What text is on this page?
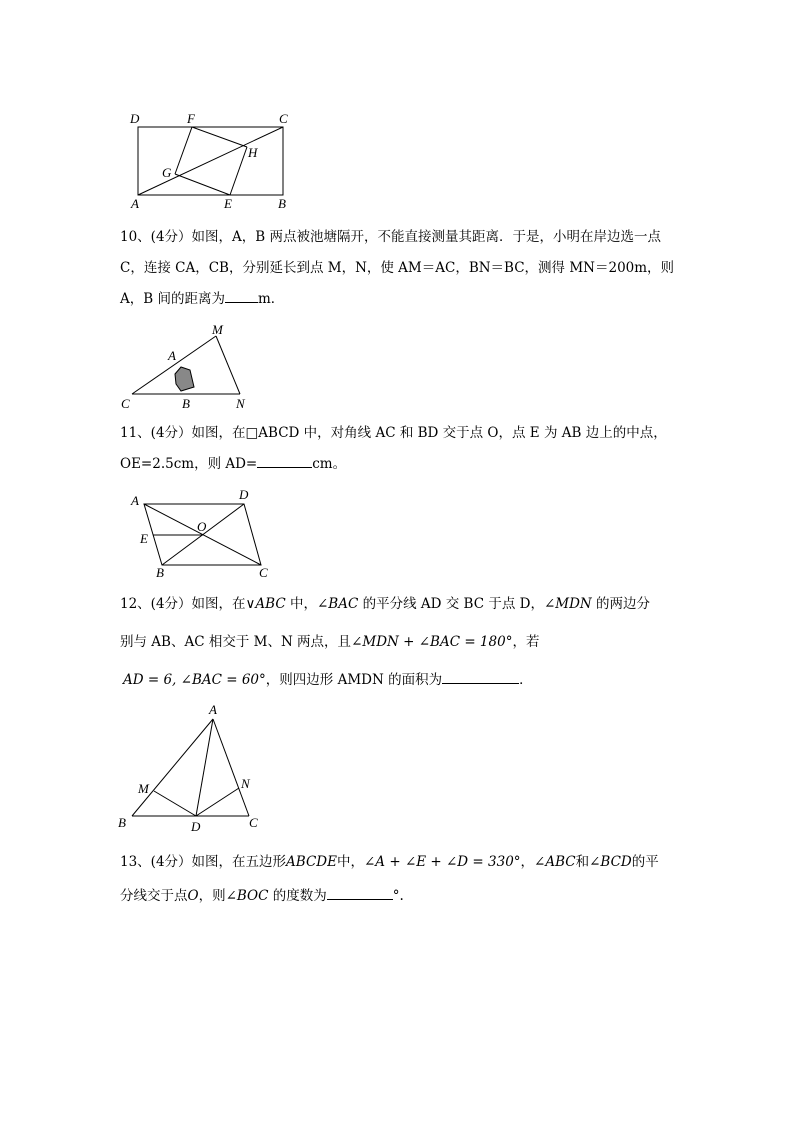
D	F	C
H
G
A	E	B

10、(4分）如图，A，B 两点被池塘隔开，不能直接测量其距离．于是，小明在岸边选一点

C，连接 CA，CB，分别延长到点 M，N，使 AM＝AC，BN＝BC，测得 MN＝200m，则

A，B 间的距离为 m．

M
A
C	B	N

11、(4分）如图，在□ABCD 中，对角线 AC 和 BD 交于点 O，点 E 为 AB 边上的中点，

OE=2.5cm，则 AD=	cm。

A	D
O
E
B	C

12、(4分）如图，在∨ABC 中，∠BAC 的平分线 AD 交 BC 于点 D，∠MDN 的两边分

别与 AB、AC 相交于 M、N 两点，且∠MDN + ∠BAC = 180°，若

AD = 6, ∠BAC = 60°，则四边形 AMDN 的面积为	．

A
M	N
B	D	C

13、(4分）如图，在五边形ABCDE中，∠A + ∠E + ∠D = 330°，∠ABC和∠BCD的平

分线交于点O，则∠BOC 的度数为	°.
